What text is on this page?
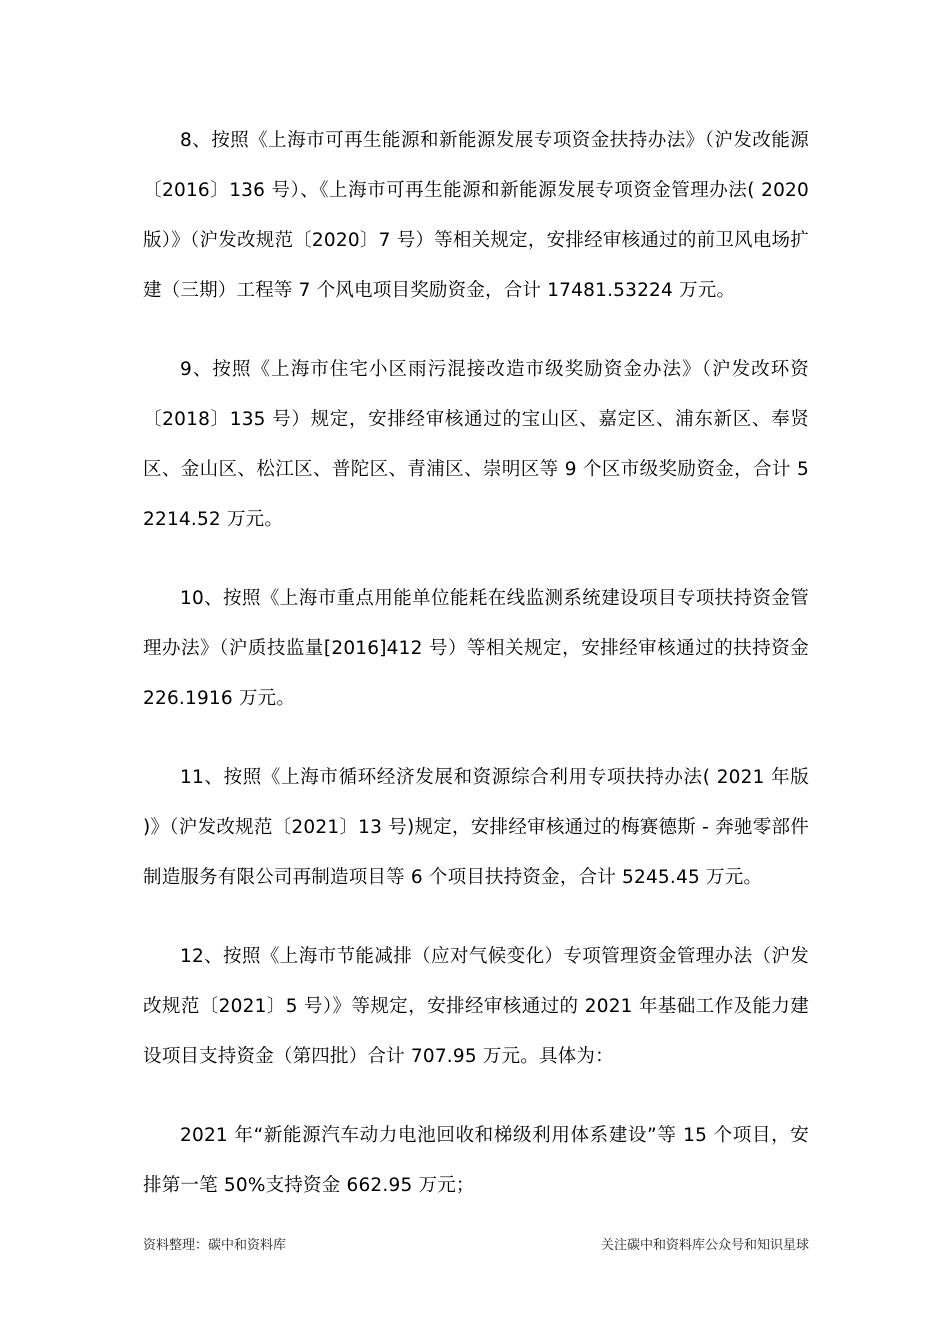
8、按照《上海市可再生能源和新能源发展专项资金扶持办法》（沪发改能源〔2016〕136 号）、《上海市可再生能源和新能源发展专项资金管理办法( 2020 版）》（沪发改规范〔2020〕7 号）等相关规定，安排经审核通过的前卫风电场扩建（三期）工程等 7 个风电项目奖励资金，合计 17481.53224 万元。

9、按照《上海市住宅小区雨污混接改造市级奖励资金办法》（沪发改环资〔2018〕135 号）规定，安排经审核通过的宝山区、嘉定区、浦东新区、奉贤区、金山区、松江区、普陀区、青浦区、崇明区等 9 个区市级奖励资金，合计 52214.52 万元。

10、按照《上海市重点用能单位能耗在线监测系统建设项目专项扶持资金管理办法》（沪质技监量[2016]412 号）等相关规定，安排经审核通过的扶持资金 226.1916 万元。

11、按照《上海市循环经济发展和资源综合利用专项扶持办法( 2021 年版 )》（沪发改规范〔2021〕13 号)规定，安排经审核通过的梅赛德斯 - 奔驰零部件制造服务有限公司再制造项目等 6 个项目扶持资金，合计 5245.45 万元。

12、按照《上海市节能减排（应对气候变化）专项管理资金管理办法（沪发改规范〔2021〕5 号）》等规定，安排经审核通过的 2021 年基础工作及能力建设项目支持资金（第四批）合计 707.95 万元。具体为：

2021 年“新能源汽车动力电池回收和梯级利用体系建设”等 15 个项目，安排第一笔 50%支持资金 662.95 万元；

资料整理：碳中和资料库	关注碳中和资料库公众号和知识星球
